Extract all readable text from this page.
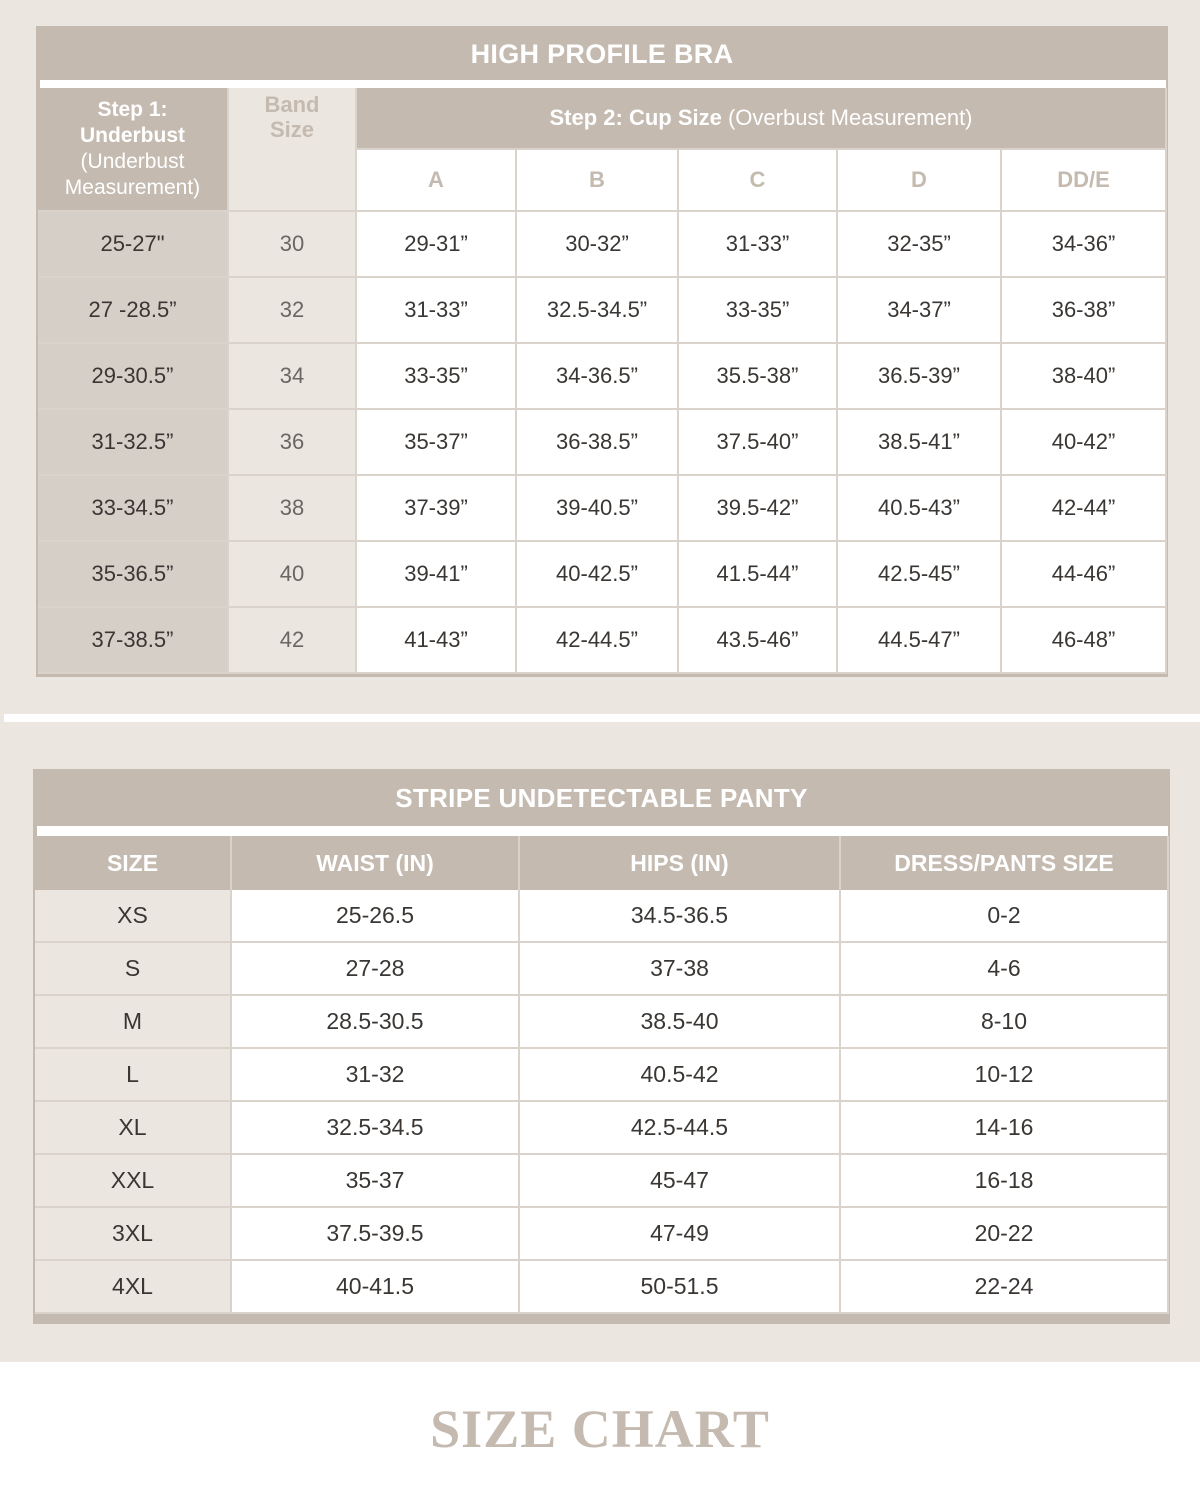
HIGH PROFILE BRA
Step 1: Underbust
(Underbust Measurement)	Band Size	Step 2: Cup Size (Overbust Measurement)				
		A	B	C	D	DD/E
25-27"	30	29-31”	30-32”	31-33”	32-35”	34-36”
27 -28.5”	32	31-33”	32.5-34.5”	33-35”	34-37”	36-38”
29-30.5”	34	33-35”	34-36.5”	35.5-38”	36.5-39”	38-40”
31-32.5”	36	35-37”	36-38.5”	37.5-40”	38.5-41”	40-42”
33-34.5”	38	37-39”	39-40.5”	39.5-42”	40.5-43”	42-44”
35-36.5”	40	39-41”	40-42.5”	41.5-44”	42.5-45”	44-46”
37-38.5”	42	41-43”	42-44.5”	43.5-46”	44.5-47”	46-48”
STRIPE UNDETECTABLE PANTY
SIZE	WAIST (IN)	HIPS (IN)	DRESS/PANTS SIZE
XS	25-26.5	34.5-36.5	0-2
S	27-28	37-38	4-6
M	28.5-30.5	38.5-40	8-10
L	31-32	40.5-42	10-12
XL	32.5-34.5	42.5-44.5	14-16
XXL	35-37	45-47	16-18
3XL	37.5-39.5	47-49	20-22
4XL	40-41.5	50-51.5	22-24
SIZE CHART
